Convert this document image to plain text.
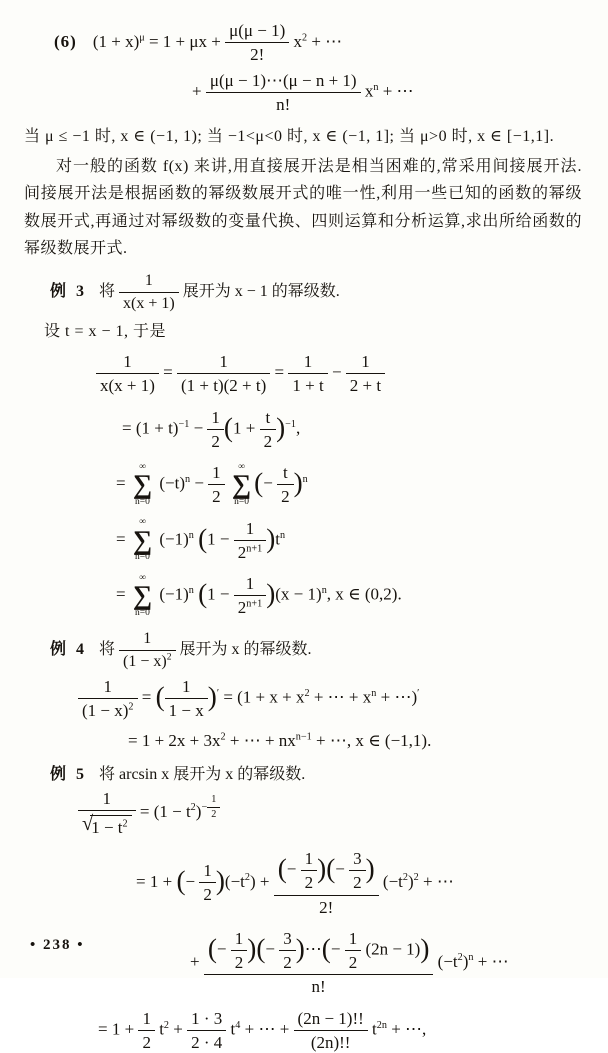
(6) $(1 + x)^\mu = 1 + \mu x + \frac{\mu(\mu - 1)}{2!} x^2$ + ⋯
+ $\frac{\mu(\mu - 1)\cdots(\mu - n + 1)}{n!} x^n$ + ⋯

当 μ ≤ −1 时, x ∈ (−1, 1); 当 −1<μ<0 时, x ∈ (−1, 1]; 当 μ>0 时, x ∈ [−1,1].

对一般的函数 f(x) 来讲,用直接展开法是相当困难的,常采用间接展开法. 间接展开法是根据函数的幂级数展开式的唯一性,利用一些已知的函数的幂级数展开式,再通过对幂级数的变量代换、四则运算和分析运算,求出所给函数的幂级数展开式.

例 3 将 $\frac{1}{x(x + 1)}$ 展开为 x − 1 的幂级数.

设 t = x − 1, 于是

$\frac{1}{x(x + 1)} = \frac{1}{(1 + t)(2 + t)} = \frac{1}{1 + t} - \frac{1}{2 + t}$
= $(1 + t)^{-1} - \frac{1}{2} (1 + \frac{t}{2} )^{-1}$,
=
∞
∑
n=0
$(-t)^n - \frac{1}{2}$
	∞
∑
n=0
(− $\frac{t}{2} )^n$
=
∞
∑
n=0
$(-1)^n$ $(1 - \frac{1}{2^{n+1}} )t^n$
=
∞
∑
n=0
$(-1)^n$ $(1 - \frac{1}{2^{n+1}} )(x - 1)^n$, x ∈ (0,2).
例 4 将 $\frac{1}{(1 - x)^2}$ 展开为 x 的幂级数.
$\frac{1}{(1 - x)^2}$ = ( $\frac{1}{1 - x} )' = (1 + x + x^2$ + ⋯ + $x^n$ + ⋯)′
= $1 + 2x + 3x^2$ + ⋯ + $nx^{n-1}$ + ⋯, x ∈ (−1,1).
例 5 将 arcsin x 展开为 x 的幂级数.
$\frac{1}{√1 - t^2} = (1 - t^2)^{- \frac{1}{2}}$
= 1 + (− $\frac{1}{2} )(-t^2) + \frac{(- \frac{1}{2} )(- \frac{3}{2} )}{2!} (-t^2)^2$ + ⋯
+ $\frac{(- \frac{1}{2} )(- \frac{3}{2} )\cdots(- \frac{1}{2} (2n - 1))}{n!} (-t^2)^n$ + ⋯
= $1 + \frac{1}{2} t^2 + \frac{1 \cdot 3}{2 \cdot 4} t^4$ + ⋯ + $\frac{(2n - 1)!!}{(2n)!!} t^{2n}$ + ⋯,
• 238 •
